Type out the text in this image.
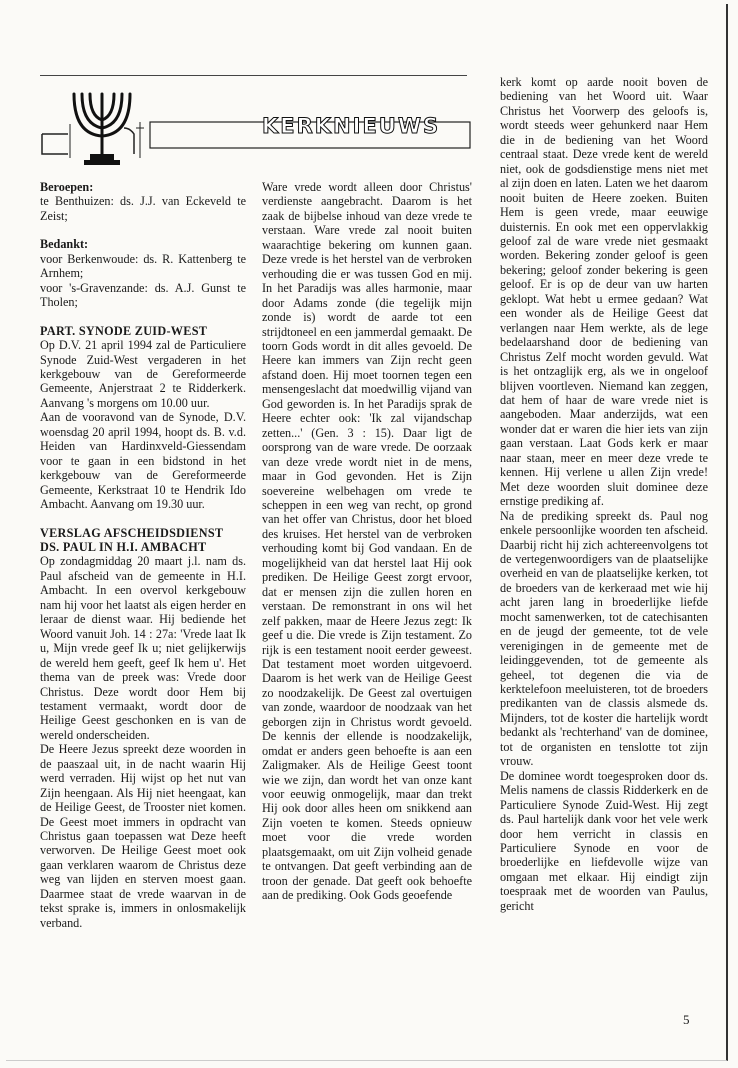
KERKNIEUWS

Beroepen:

te Benthuizen: ds. J.J. van Eckeveld te Zeist;

Bedankt:

voor Berkenwoude: ds. R. Kattenberg te Arnhem;

voor 's-Gravenzande: ds. A.J. Gunst te Tholen;

PART. SYNODE ZUID-WEST

Op D.V. 21 april 1994 zal de Particuliere Synode Zuid-West vergaderen in het kerkgebouw van de Gereformeerde Gemeente, Anjerstraat 2 te Ridderkerk. Aanvang 's morgens om 10.00 uur.

Aan de vooravond van de Synode, D.V. woensdag 20 april 1994, hoopt ds. B. v.d. Heiden van Hardinxveld-Giessendam voor te gaan in een bidstond in het kerkgebouw van de Gereformeerde Gemeente, Kerkstraat 10 te Hendrik Ido Ambacht. Aanvang om 19.30 uur.

VERSLAG AFSCHEIDSDIENST

DS. PAUL IN H.I. AMBACHT

Op zondagmiddag 20 maart j.l. nam ds. Paul afscheid van de gemeente in H.I. Ambacht. In een overvol kerkgebouw nam hij voor het laatst als eigen herder en leraar de dienst waar. Hij bediende het Woord vanuit Joh. 14 : 27a: 'Vrede laat Ik u, Mijn vrede geef Ik u; niet gelijkerwijs de wereld hem geeft, geef Ik hem u'. Het thema van de preek was: Vrede door Christus. Deze wordt door Hem bij testament vermaakt, wordt door de Heilige Geest geschonken en is van de wereld onderscheiden.

De Heere Jezus spreekt deze woorden in de paaszaal uit, in de nacht waarin Hij werd verraden. Hij wijst op het nut van Zijn heengaan. Als Hij niet heengaat, kan de Heilige Geest, de Trooster niet komen. De Geest moet immers in opdracht van Christus gaan toepassen wat Deze heeft verworven. De Heilige Geest moet ook gaan verklaren waarom de Christus deze weg van lijden en sterven moest gaan. Daarmee staat de vrede waarvan in de tekst sprake is, immers in onlosmakelijk verband.

Ware vrede wordt alleen door Christus' verdienste aangebracht. Daarom is het zaak de bijbelse inhoud van deze vrede te verstaan. Ware vrede zal nooit buiten waarachtige bekering om kunnen gaan. Deze vrede is het herstel van de verbroken verhouding die er was tussen God en mij. In het Paradijs was alles harmonie, maar door Adams zonde (die tegelijk mijn zonde is) wordt de aarde tot een strijdtoneel en een jammerdal gemaakt. De toorn Gods wordt in dit alles gevoeld. De Heere kan immers van Zijn recht geen afstand doen. Hij moet toornen tegen een mensengeslacht dat moedwillig vijand van God geworden is. In het Paradijs sprak de Heere echter ook: 'Ik zal vijandschap zetten...' (Gen. 3 : 15). Daar ligt de oorsprong van de ware vrede. De oorzaak van deze vrede wordt niet in de mens, maar in God gevonden. Het is Zijn soevereine welbehagen om vrede te scheppen in een weg van recht, op grond van het offer van Christus, door het bloed des kruises. Het herstel van de verbroken verhouding komt bij God vandaan. En de mogelijkheid van dat herstel laat Hij ook prediken. De Heilige Geest zorgt ervoor, dat er mensen zijn die zullen horen en verstaan. De remonstrant in ons wil het zelf pakken, maar de Heere Jezus zegt: Ik geef u die. Die vrede is Zijn testament. Zo rijk is een testament nooit eerder geweest. Dat testament moet worden uitgevoerd. Daarom is het werk van de Heilige Geest zo noodzakelijk. De Geest zal overtuigen van zonde, waardoor de noodzaak van het geborgen zijn in Christus wordt gevoeld. De kennis der ellende is noodzakelijk, omdat er anders geen behoefte is aan een Zaligmaker. Als de Heilige Geest toont wie we zijn, dan wordt het van onze kant voor eeuwig onmogelijk, maar dan trekt Hij ook door alles heen om snikkend aan Zijn voeten te komen. Steeds opnieuw moet voor die vrede worden plaatsgemaakt, om uit Zijn volheid genade te ontvangen. Dat geeft verbinding aan de troon der genade. Dat geeft ook behoefte aan de prediking. Ook Gods geoefende

kerk komt op aarde nooit boven de bediening van het Woord uit. Waar Christus het Voorwerp des geloofs is, wordt steeds weer gehunkerd naar Hem die in de bediening van het Woord centraal staat. Deze vrede kent de wereld niet, ook de godsdienstige mens niet met al zijn doen en laten. Laten we het daarom nooit buiten de Heere zoeken. Buiten Hem is geen vrede, maar eeuwige duisternis. En ook met een oppervlakkig geloof zal de ware vrede niet gesmaakt worden. Bekering zonder geloof is geen bekering; geloof zonder bekering is geen geloof. Er is op de deur van uw harten geklopt. Wat hebt u ermee gedaan? Wat een wonder als de Heilige Geest dat verlangen naar Hem werkte, als de lege bedelaarshand door de bediening van Christus Zelf mocht worden gevuld. Wat is het ontzaglijk erg, als we in ongeloof blijven voortleven. Niemand kan zeggen, dat hem of haar de ware vrede niet is aangeboden. Maar anderzijds, wat een wonder dat er waren die hier iets van zijn gaan verstaan. Laat Gods kerk er maar naar staan, meer en meer deze vrede te kennen. Hij verlene u allen Zijn vrede! Met deze woorden sluit dominee deze ernstige prediking af.

Na de prediking spreekt ds. Paul nog enkele persoonlijke woorden ten afscheid. Daarbij richt hij zich achtereenvolgens tot de vertegenwoordigers van de plaatselijke overheid en van de plaatselijke kerken, tot de broeders van de kerkeraad met wie hij acht jaren lang in broederlijke liefde mocht samenwerken, tot de catechisanten en de jeugd der gemeente, tot de vele verenigingen in de gemeente met de leidinggevenden, tot de gemeente als geheel, tot degenen die via de kerktelefoon meeluisteren, tot de broeders predikanten van de classis alsmede ds. Mijnders, tot de koster die hartelijk wordt bedankt als 'rechterhand' van de dominee, tot de organisten en tenslotte tot zijn vrouw.

De dominee wordt toegesproken door ds. Melis namens de classis Ridderkerk en de Particuliere Synode Zuid-West. Hij zegt ds. Paul hartelijk dank voor het vele werk door hem verricht in classis en Particuliere Synode en voor de broederlijke en liefdevolle wijze van omgaan met elkaar. Hij eindigt zijn toespraak met de woorden van Paulus, gericht

5
